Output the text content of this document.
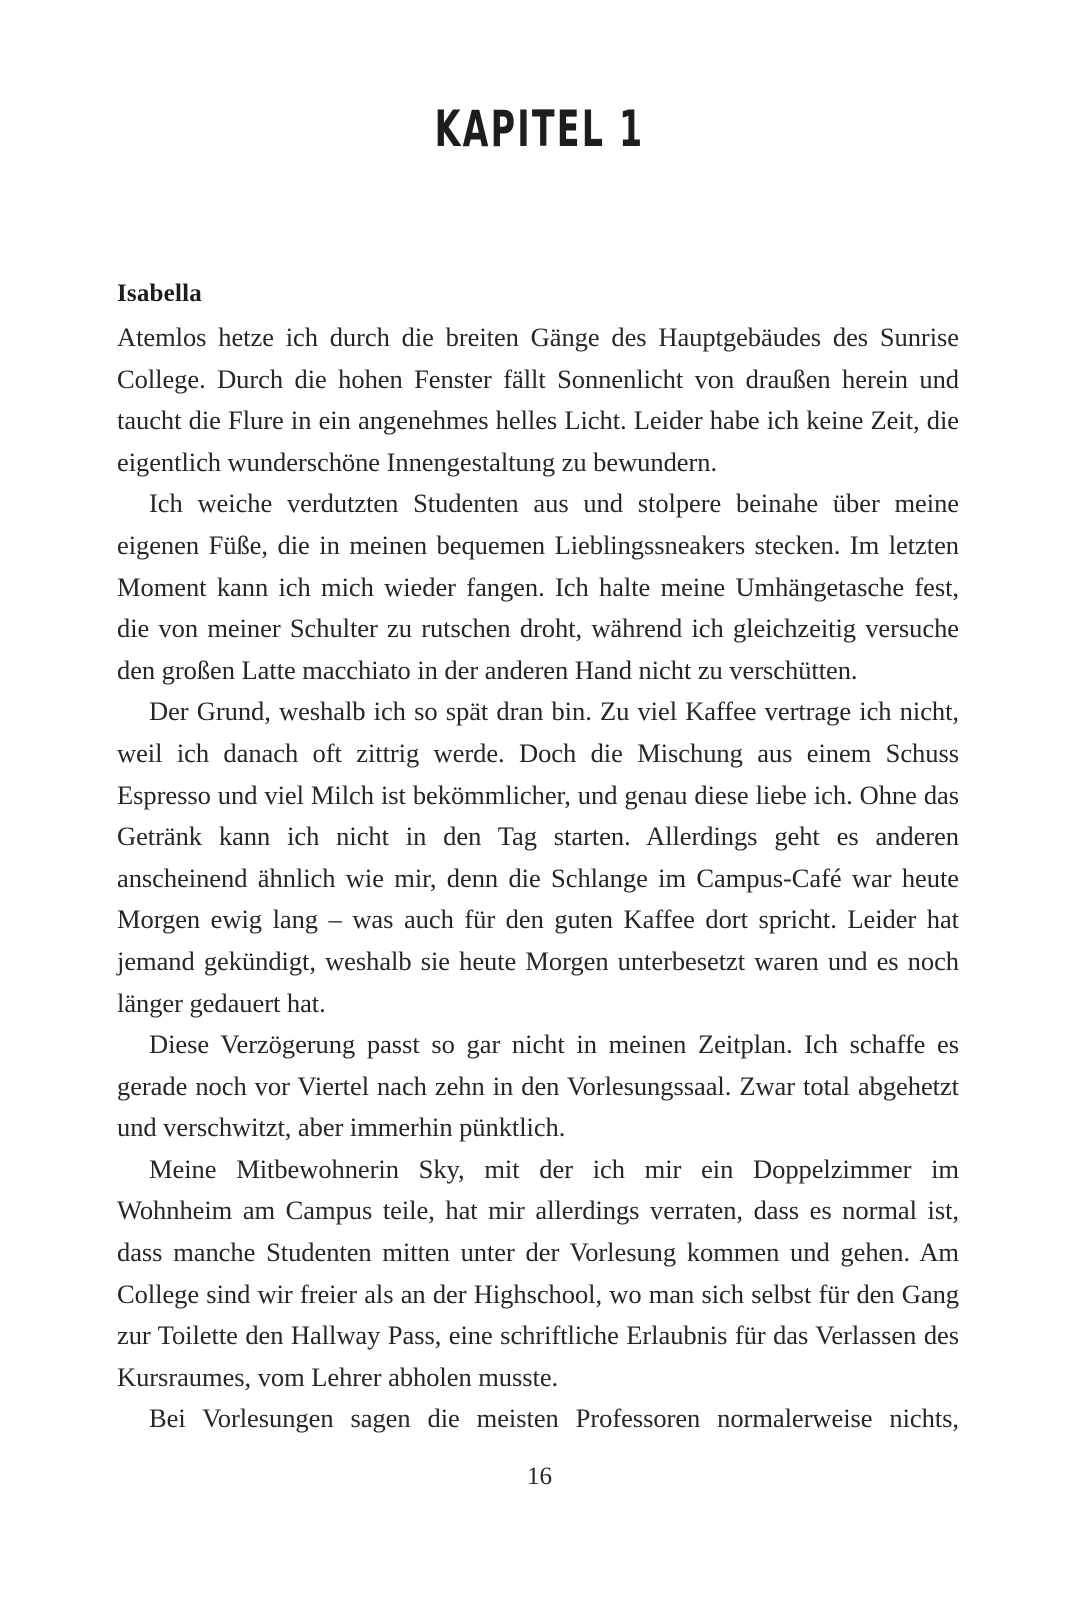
KAPITEL 1
Isabella

Atemlos hetze ich durch die breiten Gänge des Hauptgebäudes des Sunrise College. Durch die hohen Fenster fällt Sonnenlicht von draußen herein und taucht die Flure in ein angenehmes helles Licht. Leider habe ich keine Zeit, die eigentlich wunderschöne Innengestaltung zu bewundern.

Ich weiche verdutzten Studenten aus und stolpere beinahe über meine eigenen Füße, die in meinen bequemen Lieblingssneakers stecken. Im letzten Moment kann ich mich wieder fangen. Ich halte meine Umhängetasche fest, die von meiner Schulter zu rutschen droht, während ich gleichzeitig versuche den großen Latte macchiato in der anderen Hand nicht zu verschütten.

Der Grund, weshalb ich so spät dran bin. Zu viel Kaffee vertrage ich nicht, weil ich danach oft zittrig werde. Doch die Mischung aus einem Schuss Espresso und viel Milch ist bekömmlicher, und genau diese liebe ich. Ohne das Getränk kann ich nicht in den Tag starten. Allerdings geht es anderen anscheinend ähnlich wie mir, denn die Schlange im Campus-Café war heute Morgen ewig lang – was auch für den guten Kaffee dort spricht. Leider hat jemand gekündigt, weshalb sie heute Morgen unterbesetzt waren und es noch länger gedauert hat.

Diese Verzögerung passt so gar nicht in meinen Zeitplan. Ich schaffe es gerade noch vor Viertel nach zehn in den Vorlesungssaal. Zwar total abgehetzt und verschwitzt, aber immerhin pünktlich.

Meine Mitbewohnerin Sky, mit der ich mir ein Doppelzimmer im Wohnheim am Campus teile, hat mir allerdings verraten, dass es normal ist, dass manche Studenten mitten unter der Vorlesung kommen und gehen. Am College sind wir freier als an der Highschool, wo man sich selbst für den Gang zur Toilette den Hallway Pass, eine schriftliche Erlaubnis für das Verlassen des Kursraumes, vom Lehrer abholen musste.

Bei Vorlesungen sagen die meisten Professoren normalerweise nichts,

16
